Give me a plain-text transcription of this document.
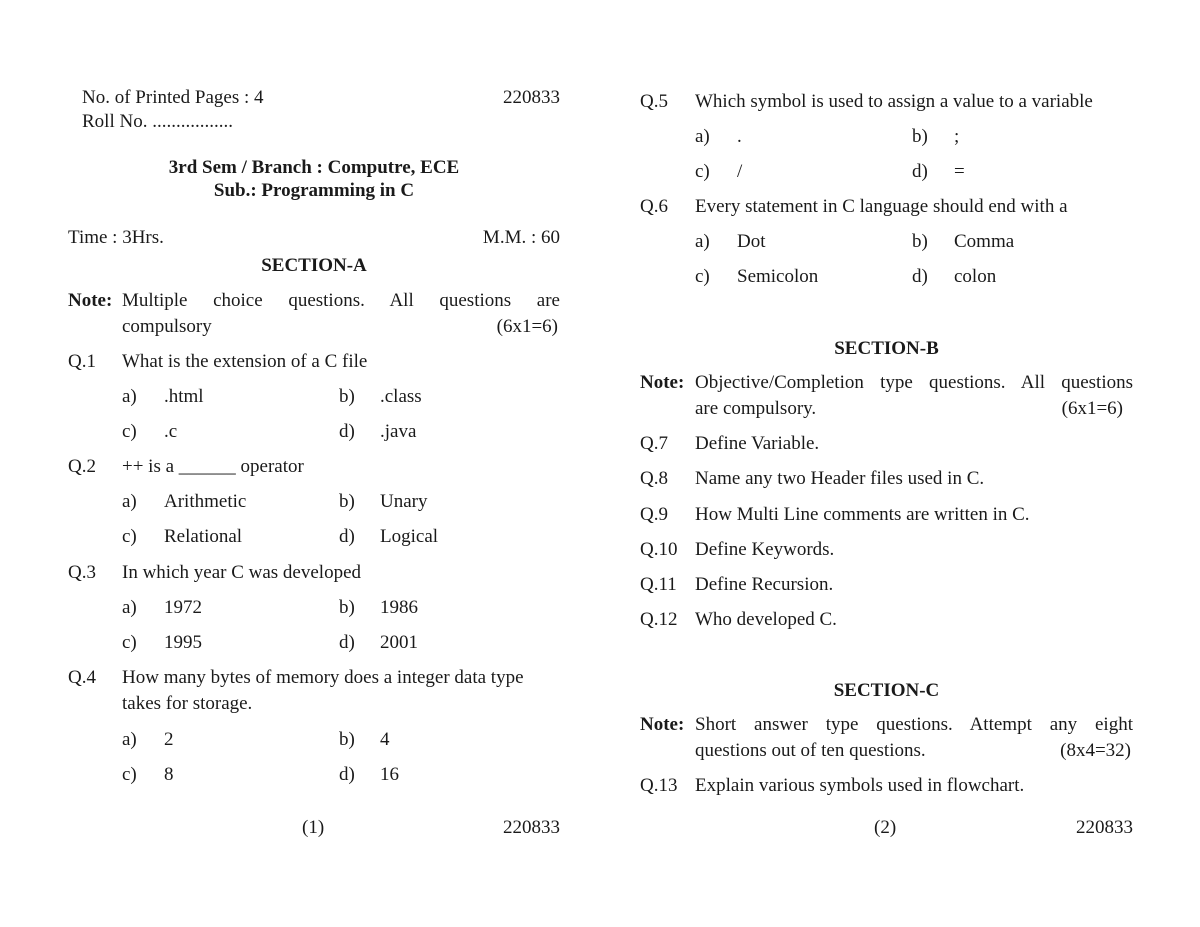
No. of Printed Pages : 4	220833
Roll No. .................
3rd Sem / Branch : Computre, ECE
Sub.: Programming in C
Time : 3Hrs.	M.M. : 60
SECTION-A
Note: Multiple choice questions. All questions are
compulsory	(6x1=6)
Q.1 What is the extension of a C file
a) .html	b) .class
c) .c	d) .java
Q.2 ++ is a ______ operator
a) Arithmetic	b) Unary
c) Relational	d) Logical
Q.3 In which year C was developed
a) 1972	b) 1986
c) 1995	d) 2001
Q.4 How many bytes of memory does a integer data type
takes for storage.
a) 2	b) 4
c) 8	d) 16
(1)	220833
Q.5 Which symbol is used to assign a value to a variable
a) .	b) ;
c) /	d) =
Q.6 Every statement in C language should end with a
a) Dot	b) Comma
c) Semicolon	d) colon
SECTION-B
Note: Objective/Completion type questions. All questions
are compulsory.	(6x1=6)
Q.7 Define Variable.
Q.8 Name any two Header files used in C.
Q.9 How Multi Line comments are written in C.
Q.10 Define Keywords.
Q.11 Define Recursion.
Q.12 Who developed C.
SECTION-C
Note: Short answer type questions. Attempt any eight
questions out of ten questions.	(8x4=32)
Q.13 Explain various symbols used in flowchart.
(2)	220833
